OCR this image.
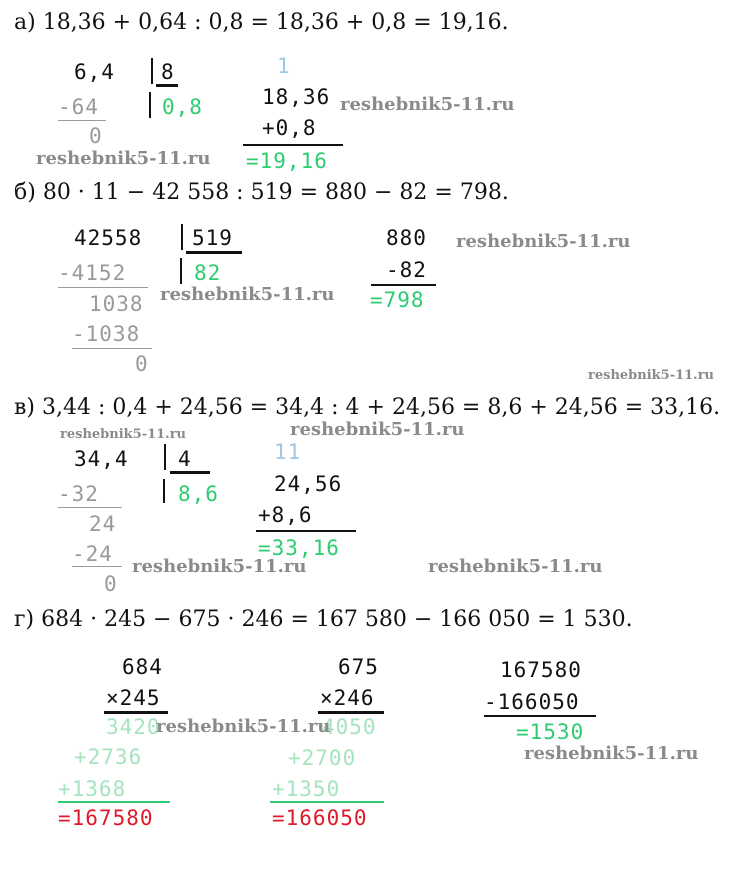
а) 18,36 + 0,64 : 0,8 = 18,36 + 0,8 = 19,16.
6,4 8
-64	0,8
0
1
18,36
+0,8
=19,16
reshebnik5-11.ru
reshebnik5-11.ru
б) 80 · 11 − 42 558 : 519 = 880 − 82 = 798.
42558 519
-4152	82
1038
-1038
0
880
-82
=798
reshebnik5-11.ru
reshebnik5-11.ru
reshebnik5-11.ru
в) 3,44 : 0,4 + 24,56 = 34,4 : 4 + 24,56 = 8,6 + 24,56 = 33,16.
reshebnik5-11.ru	reshebnik5-11.ru
34,4 4
-32	8,6
24
-24
0
11
24,56
+8,6
=33,16
reshebnik5-11.ru	reshebnik5-11.ru
г) 684 · 245 − 675 · 246 = 167 580 − 166 050 = 1 530.
684
×245
3420
+2736
+1368
=167580
675
×246
4050
+2700
+1350
=166050
167580
-166050
=1530
reshebnik5-11.ru
reshebnik5-11.ru
